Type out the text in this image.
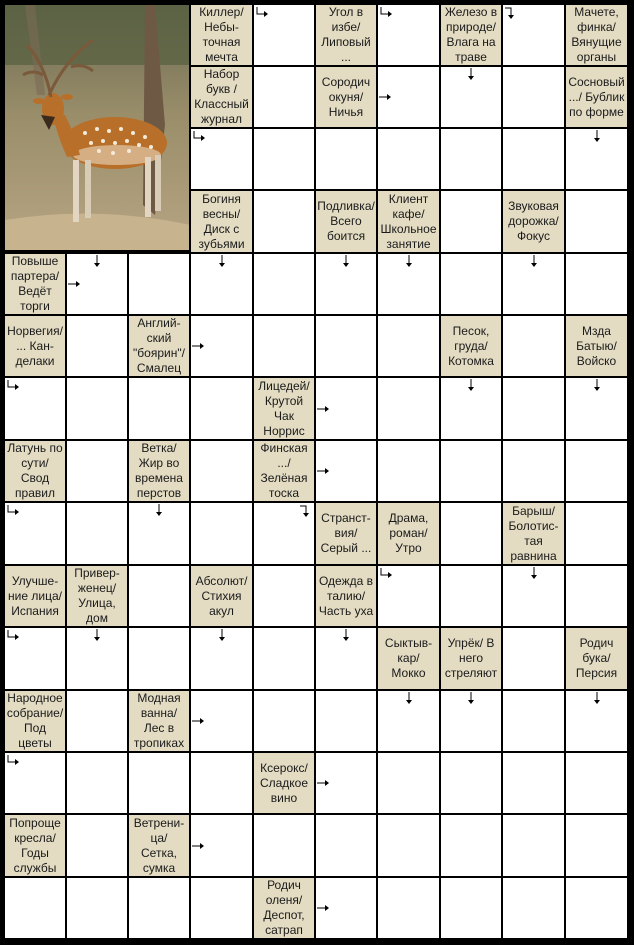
Киллер/
Небы-
точная
мечта
Угол в
избе/
Липовый
...
Железо в
природе/
Влага на
траве
Мачете,
финка/
Вянущие
органы
Набор
букв /
Классный
журнал
Сородич
окуня/
Ничья
Сосновый
.../ Бублик
по форме
Богиня
весны/
Диск с
зубьями
Подливка/
Всего
боится
Клиент
кафе/
Школьное
занятие
Звуковая
дорожка/
Фокус
Повыше
партера/
Ведёт
торги
Норвегия/
... Кан-
делаки
Англий-
ский
"боярин"/
Смалец
Песок,
груда/
Котомка
Мзда
Батыю/
Войско
Лицедей/
Крутой
Чак
Норрис
Латунь по
сути/
Свод
правил
Ветка/
Жир во
времена
перстов
Финская
.../
Зелёная
тоска
Странст-
вия/
Серый ...
Драма,
роман/
Утро
Барыш/
Болотис-
тая
равнина
Улучше-
ние лица/
Испания
Привер-
женец/
Улица,
дом
Абсолют/
Стихия
акул
Одежда в
талию/
Часть уха
Сыктыв-
кар/
Мокко
Упрёк/ В
него
стреляют
Родич
бука/
Персия
Народное
собрание/
Под
цветы
Модная
ванна/
Лес в
тропиках
Ксерокс/
Сладкое
вино
Попроще
кресла/
Годы
службы
Ветрени-
ца/ Сетка,
сумка
Родич
оленя/
Деспот,
сатрап
